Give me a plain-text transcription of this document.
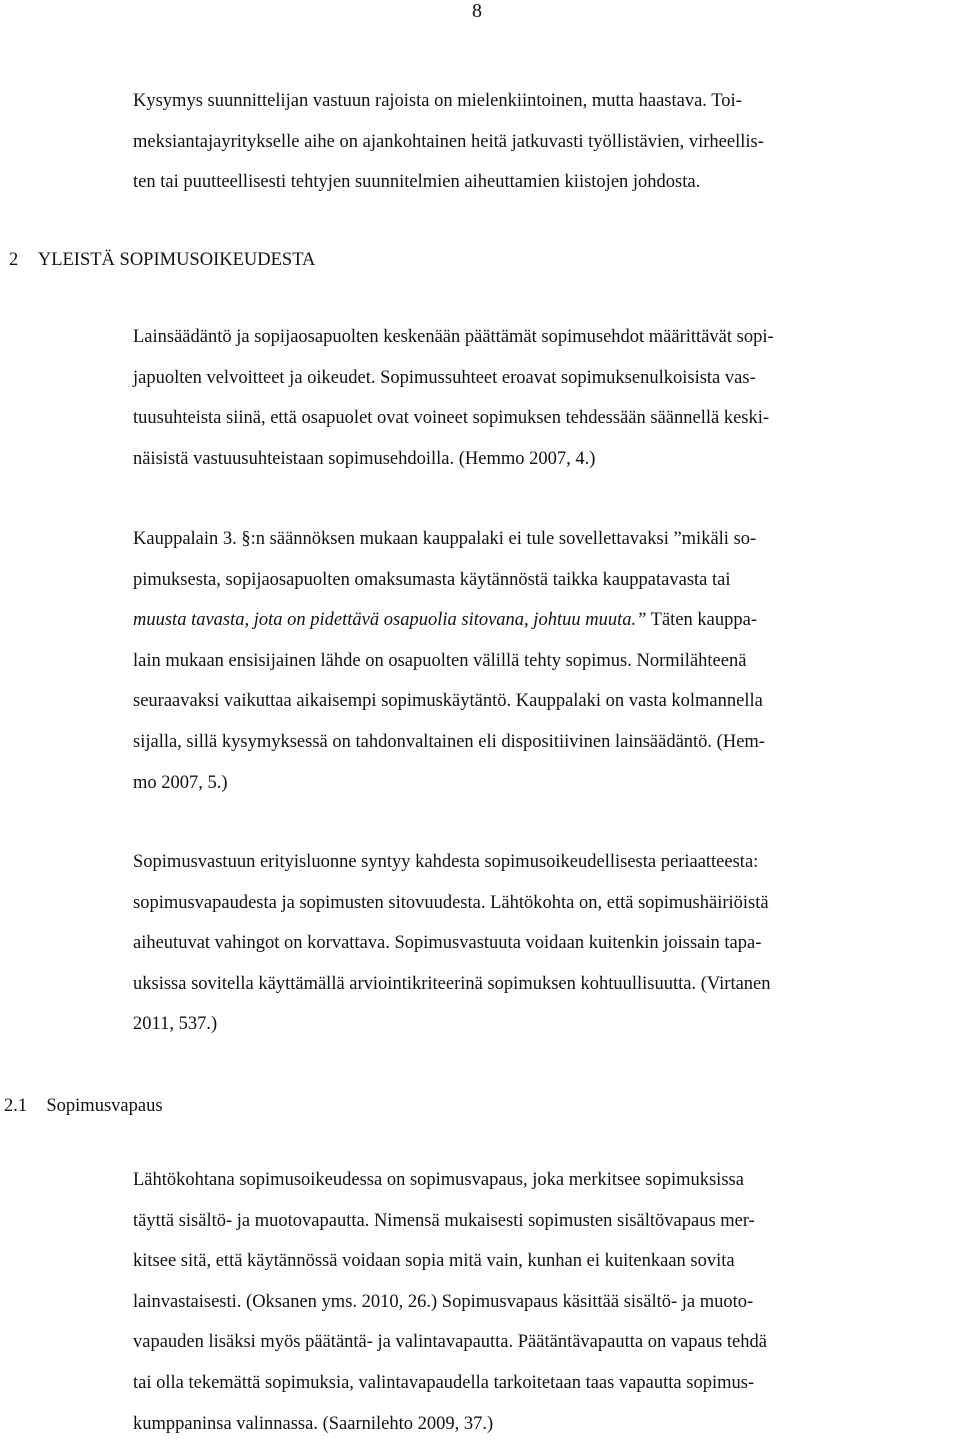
8
Kysymys suunnittelijan vastuun rajoista on mielenkiintoinen, mutta haastava. Toi-
meksiantajayritykselle aihe on ajankohtainen heitä jatkuvasti työllistävien, virheellis-
ten tai puutteellisesti tehtyjen suunnitelmien aiheuttamien kiistojen johdosta.
2 YLEISTÄ SOPIMUSOIKEUDESTA
Lainsäädäntö ja sopijaosapuolten keskenään päättämät sopimusehdot määrittävät sopi-
japuolten velvoitteet ja oikeudet. Sopimussuhteet eroavat sopimuksenulkoisista vas-
tuusuhteista siinä, että osapuolet ovat voineet sopimuksen tehdessään säännellä keski-
näisistä vastuusuhteistaan sopimusehdoilla. (Hemmo 2007, 4.)
Kauppalain 3. §:n säännöksen mukaan kauppalaki ei tule sovellettavaksi ”mikäli so-
pimuksesta, sopijaosapuolten omaksumasta käytännöstä taikka kauppatavasta tai
muusta tavasta, jota on pidettävä osapuolia sitovana, johtuu muuta.” Täten kauppa-
lain mukaan ensisijainen lähde on osapuolten välillä tehty sopimus. Normilähteenä
seuraavaksi vaikuttaa aikaisempi sopimuskäytäntö. Kauppalaki on vasta kolmannella
sijalla, sillä kysymyksessä on tahdonvaltainen eli dispositiivinen lainsäädäntö. (Hem-
mo 2007, 5.)
Sopimusvastuun erityisluonne syntyy kahdesta sopimusoikeudellisesta periaatteesta:
sopimusvapaudesta ja sopimusten sitovuudesta. Lähtökohta on, että sopimushäiriöistä
aiheutuvat vahingot on korvattava. Sopimusvastuuta voidaan kuitenkin joissain tapa-
uksissa sovitella käyttämällä arviointikriteerinä sopimuksen kohtuullisuutta. (Virtanen
2011, 537.)
2.1 Sopimusvapaus
Lähtökohtana sopimusoikeudessa on sopimusvapaus, joka merkitsee sopimuksissa
täyttä sisältö- ja muotovapautta. Nimensä mukaisesti sopimusten sisältövapaus mer-
kitsee sitä, että käytännössä voidaan sopia mitä vain, kunhan ei kuitenkaan sovita
lainvastaisesti. (Oksanen yms. 2010, 26.) Sopimusvapaus käsittää sisältö- ja muoto-
vapauden lisäksi myös päätäntä- ja valintavapautta. Päätäntävapautta on vapaus tehdä
tai olla tekemättä sopimuksia, valintavapaudella tarkoitetaan taas vapautta sopimus-
kumppaninsa valinnassa. (Saarnilehto 2009, 37.)
